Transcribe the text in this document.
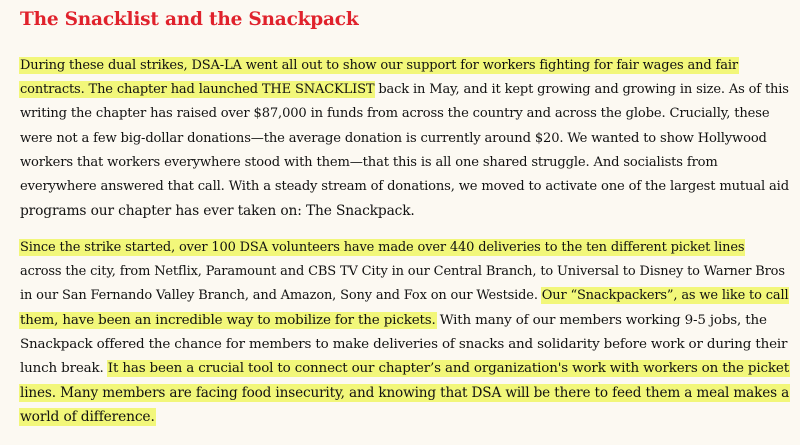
The Snacklist and the Snackpack
During these dual strikes, DSA-LA went all out to show our support for workers fighting for fair wages and fair
contracts. The chapter had launched THE SNACKLIST back in May, and it kept growing and growing in size. As of this
writing the chapter has raised over $87,000 in funds from across the country and across the globe. Crucially, these
were not a few big-dollar donations—the average donation is currently around $20. We wanted to show Hollywood
workers that workers everywhere stood with them—that this is all one shared struggle. And socialists from
everywhere answered that call. With a steady stream of donations, we moved to activate one of the largest mutual aid
programs our chapter has ever taken on: The Snackpack.
Since the strike started, over 100 DSA volunteers have made over 440 deliveries to the ten different picket lines
across the city, from Netflix, Paramount and CBS TV City in our Central Branch, to Universal to Disney to Warner Bros
in our San Fernando Valley Branch, and Amazon, Sony and Fox on our Westside. Our “Snackpackers”, as we like to call
them, have been an incredible way to mobilize for the pickets. With many of our members working 9-5 jobs, the
Snackpack offered the chance for members to make deliveries of snacks and solidarity before work or during their
lunch break. It has been a crucial tool to connect our chapter’s and organization's work with workers on the picket
lines. Many members are facing food insecurity, and knowing that DSA will be there to feed them a meal makes a
world of difference.
